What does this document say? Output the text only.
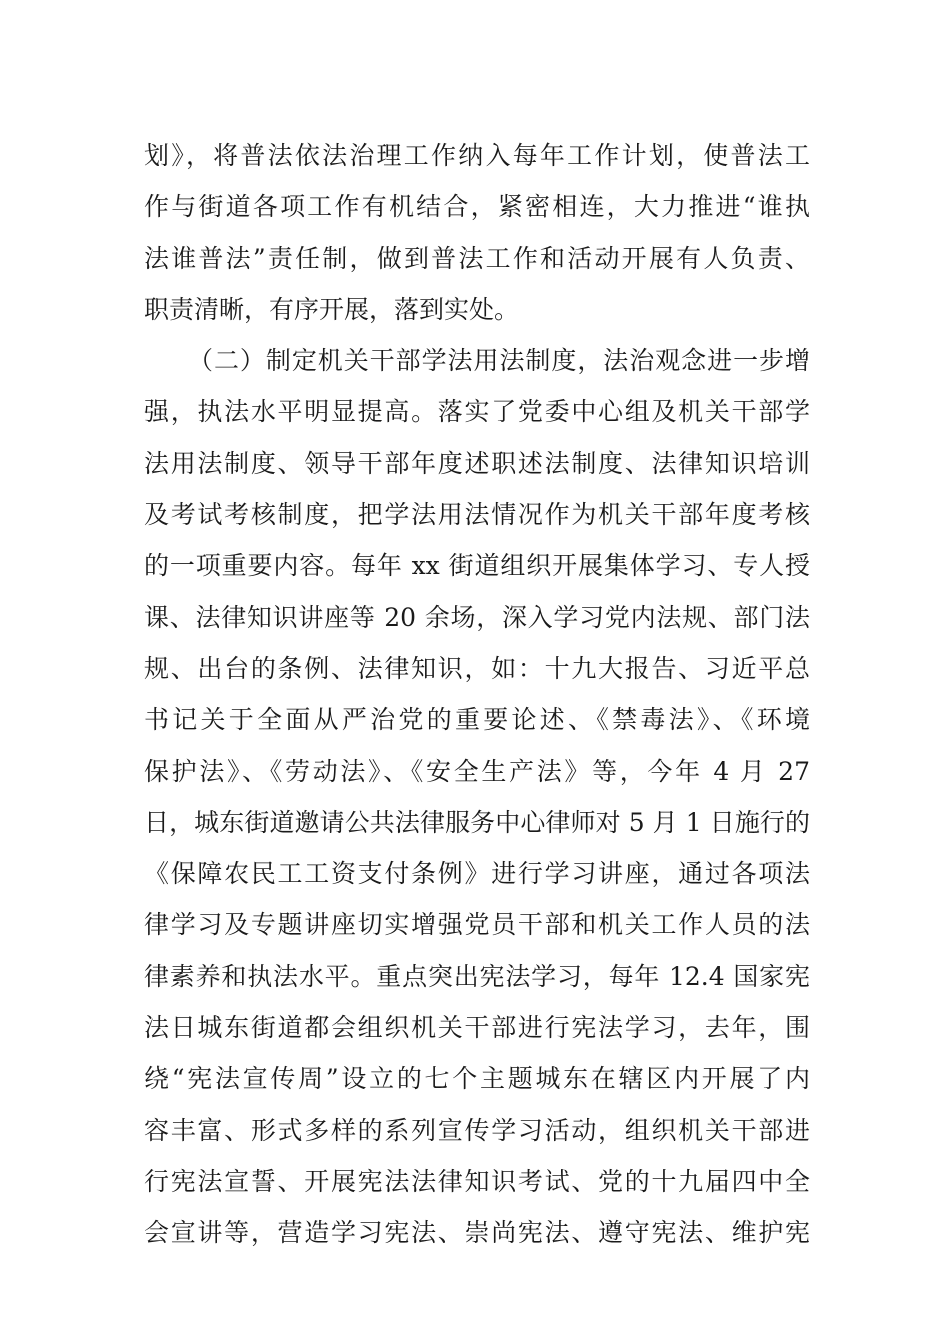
划》，将普法依法治理工作纳入每年工作计划，使普法工
作与街道各项工作有机结合，紧密相连，大力推进“谁执
法谁普法”责任制，做到普法工作和活动开展有人负责、
职责清晰，有序开展，落到实处。
（二）制定机关干部学法用法制度，法治观念进一步增
强，执法水平明显提高。落实了党委中心组及机关干部学
法用法制度、领导干部年度述职述法制度、法律知识培训
及考试考核制度，把学法用法情况作为机关干部年度考核
的一项重要内容。每年 xx 街道组织开展集体学习、专人授
课、法律知识讲座等 20 余场，深入学习党内法规、部门法
规、出台的条例、法律知识，如：十九大报告、习近平总
书记关于全面从严治党的重要论述、《禁毒法》、《环境
保护法》、《劳动法》、《安全生产法》等，今年 4 月 27
日，城东街道邀请公共法律服务中心律师对 5 月 1 日施行的
《保障农民工工资支付条例》进行学习讲座，通过各项法
律学习及专题讲座切实增强党员干部和机关工作人员的法
律素养和执法水平。重点突出宪法学习，每年 12.4 国家宪
法日城东街道都会组织机关干部进行宪法学习，去年，围
绕“宪法宣传周”设立的七个主题城东在辖区内开展了内
容丰富、形式多样的系列宣传学习活动，组织机关干部进
行宪法宣誓、开展宪法法律知识考试、党的十九届四中全
会宣讲等，营造学习宪法、崇尚宪法、遵守宪法、维护宪
